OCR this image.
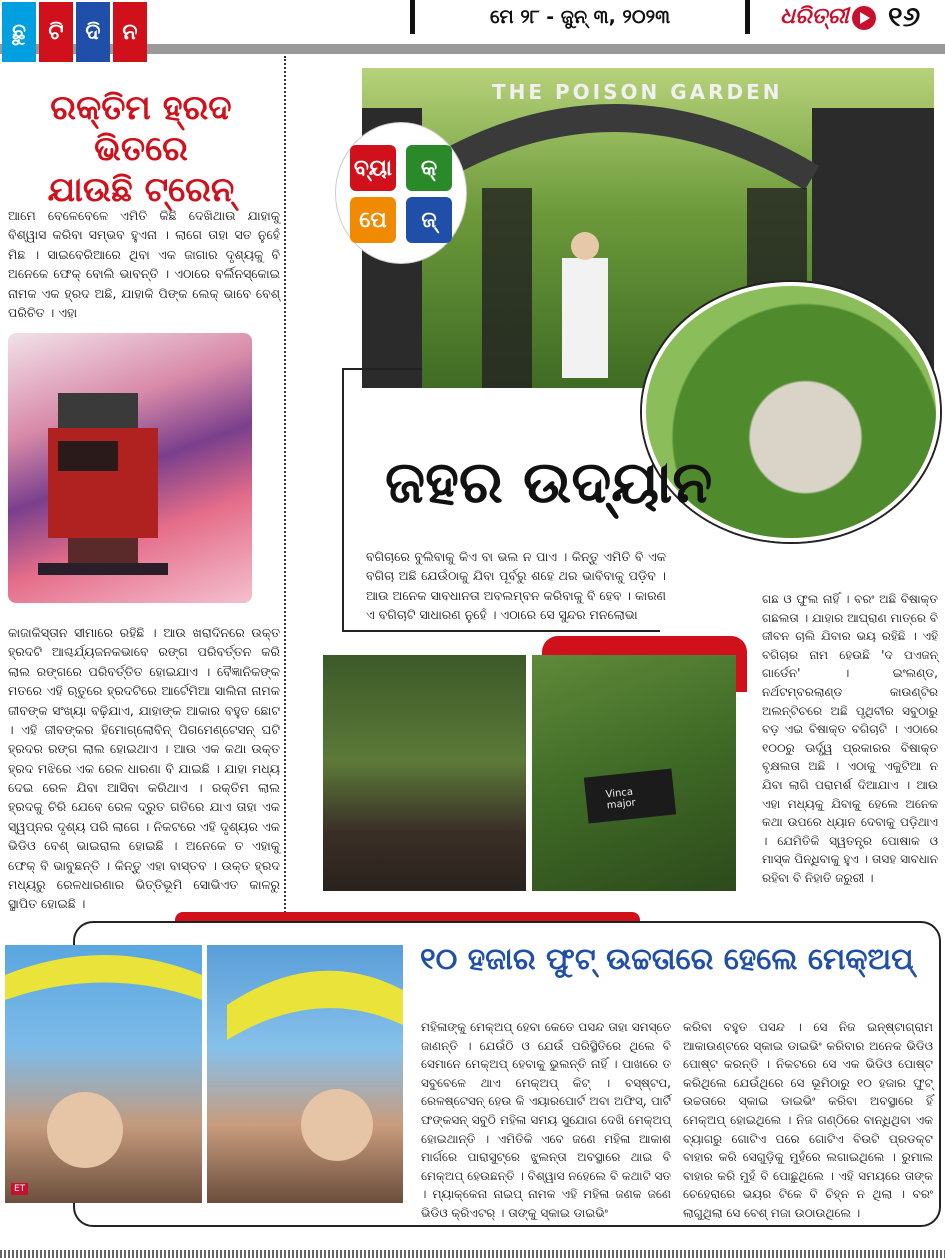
ଛୁ	ଟି ଦି ନ
ମେ ୨୮ - ଜୁନ୍ ୩, ୨୦୨୩	ଧରିତ୍ରୀ ୧୬
ରକ୍ତିମ ହ୍ରଦ ଭିତରେ
ଯାଉଛି ଟ୍ରେନ୍
ଆମେ ବେଳେବେଳେ ଏମିତି କିଛି ଦେଖିଥାଉ ଯାହାକୁ ବିଶ୍ୱାସ କରିବା ସମ୍ଭବ ହୁଏନା । ଲାଗେ ତାହା ସତ ନୁହେଁ ମିଛ । ସାଇବେରିଆରେ ଥିବା ଏକ ଜାଗାର ଦୃଶ୍ୟକୁ ବି ଅନେକେ ଫେକ୍ ବୋଲି ଭାବନ୍ତି । ଏଠାରେ ବର୍ଲିନସ୍କୋଇ ନାମକ ଏକ ହ୍ରଦ ଅଛି, ଯାହାକି ପିଙ୍କ ଲେକ୍ ଭାବେ ବେଶ୍ ପରିଚିତ । ଏହା
କାଜାକିସ୍ତାନ ସୀମାରେ ରହିଛି । ଆଉ ଖରାଦିନରେ ଉକ୍ତ ହ୍ରଦଟି ଆଶ୍ଚର୍ଯ୍ୟଜନକଭାବେ ରଙ୍ଗ ପରିବର୍ତ୍ତନ କରି ଲାଲ ରଙ୍ଗରେ ପରିବର୍ତ୍ତିତ ହୋଇଯାଏ । ବୈଜ୍ଞାନିକଙ୍କ ମତରେ ଏହି ଋତୁରେ ହ୍ରଦଟିରେ ଆର୍ଟେମିଆ ସାଲିନା ନାମକ ଜୀବଙ୍କ ସଂଖ୍ୟା ବଢ଼ିଯାଏ, ଯାହାଙ୍କ ଆକାର ବହୁତ ଛୋଟ । ଏହି ଜୀବଙ୍କର ହିମୋଗ୍ଲୋବିନ୍ ପିଗମେଣ୍ଟେସନ୍ ଘଟି ହ୍ରଦର ରଙ୍ଗ ଲାଲ ହୋଇଥାଏ । ଆଉ ଏକ କଥା ଉକ୍ତ ହ୍ରଦ ମଝିରେ ଏକ ରେଳ ଧାରଣା ବି ଯାଇଛି । ଯାହା ମଧ୍ୟ ଦେଇ ରେଳ ଯିବା ଆସିବା କରିଥାଏ । ରକ୍ତିମ ଲାଲ ହ୍ରଦକୁ ଚିରି ଯେବେ ରେଳ ଦ୍ରୁତ ଗତିରେ ଯାଏ ତାହା ଏକ ସ୍ୱପ୍ନର ଦୃଶ୍ୟ ପରି ଲାଗେ । ନିକଟରେ ଏହି ଦୃଶ୍ୟର ଏକ ଭିଡିଓ ବେଶ୍ ଭାଇରାଲ ହୋଇଛି । ଅନେକେ ତ ଏହାକୁ ଫେକ୍ ବି ଭାବୁଛନ୍ତି । କିନ୍ତୁ ଏହା ବାସ୍ତବ । ଉକ୍ତ ହ୍ରଦ ମଧ୍ୟରୁ ରେଳଧାରଣାର ଭିତ୍ତିଭୂମି ସୋଭିଏତ କାଳରୁ ସ୍ଥାପିତ ହୋଇଛି ।
THE POISON GARDEN
ବ୍ୟା	କ୍
ପେ	ଜ୍
ଜହର ଉଦ୍ୟାନ
ବଗିଚାରେ ବୁଲିବାକୁ କିଏ ବା ଭଲ ନ ପାଏ । କିନ୍ତୁ ଏମିତି ବି ଏକ ବଗିଚା ଅଛି ଯେଉଁଠାକୁ ଯିବା ପୂର୍ବରୁ ଶହେ ଥର ଭାବିବାକୁ ପଡ଼ିବ । ଆଉ ଅନେକ ସାବଧାନତା ଅବଲମ୍ବନ କରିବାକୁ ବି ହେବ । କାରଣ ଏ ବଗିଚାଟି ସାଧାରଣ ନୁହେଁ । ଏଠାରେ ସେ ସୁନ୍ଦର ମନଲୋଭା
Vinca
major
ଗଛ ଓ ଫୁଲ ନାହିଁ । ବରଂ ଅଛି ବିଷାକ୍ତ ଗଛଲତା । ଯାହାର ଆଘ୍ରାଣ ମାତ୍ରେ ବି ଜୀବନ ଚାଲି ଯିବାର ଭୟ ରହିଛି । ଏହି ବଗିଚାର ନାମ ହେଉଛି 'ଦ ପଏଜନ୍ ଗାର୍ଡେନ' । ଇଂଲଣ୍ଡ, ନର୍ଥଟମ୍ବରଲାଣ୍ଡ କାଉଣ୍ଟିର ଅଲନ୍ଟିଚରେ ଅଛି ପୃଥିବୀର ସବୁଠାରୁ ବଡ଼ ଏଇ ବିଷାକ୍ତ ବଗିଚାଟି । ଏଠାରେ ୧୦୦ରୁ ଊର୍ଦ୍ଧ୍ୱ ପ୍ରକାରର ବିଷାକ୍ତ ବୃକ୍ଷଲତା ଅଛି । ଏଠାକୁ ଏକୁଟିଆ ନ ଯିବା ଲାଗି ପରାମର୍ଶ ଦିଆଯାଏ । ଆଉ ଏହା ମଧ୍ୟକୁ ଯିବାକୁ ହେଲେ ଅନେକ କଥା ଉପରେ ଧ୍ୟାନ ଦେବାକୁ ପଡ଼ିଥାଏ । ଯେମିତିକି ସ୍ୱତନ୍ତ୍ର ପୋଷାକ ଓ ମାସ୍କ ପିନ୍ଧିବାକୁ ହୁଏ । ତାସହ ସାବଧାନ ରହିବା ବି ନିହାତି ଜରୁରୀ ।
ET
୧୦ ହଜାର ଫୁଟ୍ ଉଚ୍ଚତାରେ ହେଲେ ମେକ୍‌ଅପ୍
ମହିଳାଙ୍କୁ ମେକ୍‌ଅପ୍ ହେବା କେତେ ପସନ୍ଦ ତାହା ସମସ୍ତେ ଜାଣନ୍ତି । ଯେଉଁଠି ଓ ଯେଉଁ ପରିସ୍ଥିତିରେ ଥିଲେ ବି ସେମାନେ ମେକ୍‌ଅପ୍ ହେବାକୁ ଭୁଲନ୍ତି ନାହିଁ । ପାଖରେ ତ ସବୁବେଳେ ଥାଏ ମେକ୍‌ଅପ୍ କିଟ୍ । ବସ୍‌ଷ୍ଟପ, ରେଳଷ୍ଟେସନ୍ ହେଉ କି ଏୟାରପୋର୍ଟ ଅବା ଅଫିସ୍, ପାର୍ଟି ଫଙ୍କସନ୍ ସବୁଠି ମହିଳା ସମୟ ସୁଯୋଗ ଦେଖି ମେକ୍‌ଅପ୍ ହୋଇଥାନ୍ତି । ଏମିତିକି ଏବେ ଜଣେ ମହିଳା ଆକାଶ ମାର୍ଗରେ ପାରାସୁଟ୍‌ରେ ଝୁଲନ୍ତା ଅବସ୍ଥାରେ ଥାଇ ବି ମେକ୍‌ଅପ୍ ହେଉଛନ୍ତି । ବିଶ୍ୱାସ ନହେଲେ ବି କଥାଟି ସତ । ମ୍ୟାକ୍‌କେନା ନାଇପ୍ ନାମକ ଏହି ମହିଳା ଜଣକ ଜଣେ ଭିଡିଓ କ୍ରିଏଟର୍ । ତାଙ୍କୁ ସ୍କାଇ ଡାଇଭିଂ
କରିବା ବହୁତ ପସନ୍ଦ । ସେ ନିଜ ଇନ୍‌ଷ୍ଟାଗ୍ରାମ ଆକାଉଣ୍ଟରେ ସ୍କାଇ ଡାଇଭିଂ କରିବାର ଅନେକ ଭିଡିଓ ପୋଷ୍ଟ କରନ୍ତି । ନିକଟରେ ସେ ଏକ ଭିଡିଓ ପୋଷ୍ଟ କରିଥିଲେ ଯେଉଁଥିରେ ସେ ଭୂମିଠାରୁ ୧୦ ହଜାର ଫୁଟ୍ ଉଚ୍ଚତାରେ ସ୍କାଇ ଡାଇଭିଂ କରିବା ଅବସ୍ଥାରେ ହିଁ ମେକ୍‌ଅପ୍ ହୋଇଥିଲେ । ନିଜ ଗଣ୍ଠିରେ ବାନ୍ଧିଥିବା ଏକ ବ୍ୟାଗରୁ ଗୋଟିଏ ପରେ ଗୋଟିଏ ବିଉଟି ପ୍ରଡକ୍ଟ ବାହାର କରି ସେଗୁଡ଼ିକୁ ମୁହଁରେ ଲଗାଇଥିଲେ । ରୁମାଲ ବାହାର କରି ମୁହଁ ବି ପୋଛୁଥିଲେ । ଏହି ସମୟରେ ତାଙ୍କ ଚେହେରାରେ ଭୟର ଟିକେ ବି ଚିହ୍ନ ନ ଥିଲା । ବରଂ ଲାଗୁଥିଲା ସେ ବେଶ୍ ମଜା ଉଠାଉଥିଲେ ।
